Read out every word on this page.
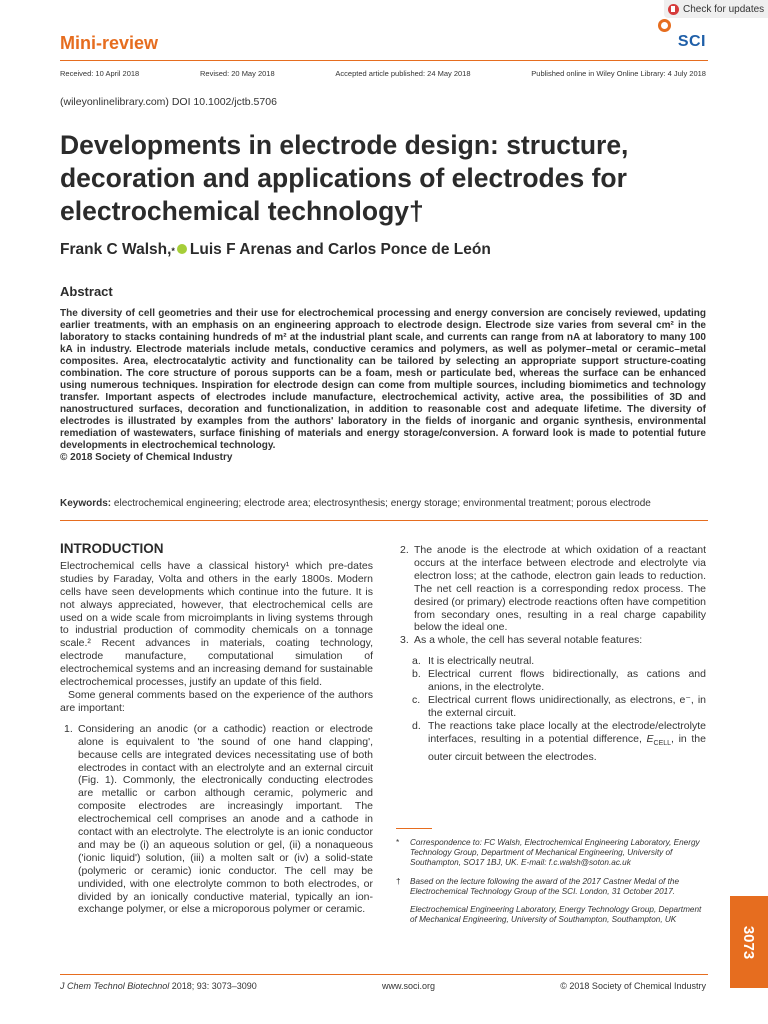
Check for updates
Mini-review	SCI
Received: 10 April 2018	Revised: 20 May 2018	Accepted article published: 24 May 2018	Published online in Wiley Online Library: 4 July 2018
(wileyonlinelibrary.com) DOI 10.1002/jctb.5706
Developments in electrode design: structure, decoration and applications of electrodes for electrochemical technology†
Frank C Walsh, * Luis F Arenas and Carlos Ponce de León
Abstract
The diversity of cell geometries and their use for electrochemical processing and energy conversion are concisely reviewed, updating earlier treatments, with an emphasis on an engineering approach to electrode design. Electrode size varies from several cm² in the laboratory to stacks containing hundreds of m² at the industrial plant scale, and currents can range from nA at laboratory to many 100 kA in industry. Electrode materials include metals, conductive ceramics and polymers, as well as polymer–metal or ceramic–metal composites. Area, electrocatalytic activity and functionality can be tailored by selecting an appropriate support structure-coating combination. The core structure of porous supports can be a foam, mesh or particulate bed, whereas the surface can be enhanced using numerous techniques. Inspiration for electrode design can come from multiple sources, including biomimetics and technology transfer. Important aspects of electrodes include manufacture, electrochemical activity, active area, the possibilities of 3D and nanostructured surfaces, decoration and functionalization, in addition to reasonable cost and adequate lifetime. The diversity of electrodes is illustrated by examples from the authors' laboratory in the fields of inorganic and organic synthesis, environmental remediation of wastewaters, surface finishing of materials and energy storage/conversion. A forward look is made to potential future developments in electrochemical technology.
© 2018 Society of Chemical Industry
Keywords: electrochemical engineering; electrode area; electrosynthesis; energy storage; environmental treatment; porous electrode
INTRODUCTION

Electrochemical cells have a classical history¹ which pre-dates studies by Faraday, Volta and others in the early 1800s. Modern cells have seen developments which continue into the future. It is not always appreciated, however, that electrochemical cells are used on a wide scale from microimplants in living systems through to industrial production of commodity chemicals on a tonnage scale.² Recent advances in materials, coating technology, electrode manufacture, computational simulation of electrochemical systems and an increasing demand for sustainable electrochemical processes, justify an update of this field.

Some general comments based on the experience of the authors are important:

1. Considering an anodic (or a cathodic) reaction or electrode alone is equivalent to 'the sound of one hand clapping', because cells are integrated devices necessitating use of both electrodes in contact with an electrolyte and an external circuit (Fig. 1). Commonly, the electronically conducting electrodes are metallic or carbon although ceramic, polymeric and composite electrodes are increasingly important. The electrochemical cell comprises an anode and a cathode in contact with an electrolyte. The electrolyte is an ionic conductor and may be (i) an aqueous solution or gel, (ii) a nonaqueous ('ionic liquid') solution, (iii) a molten salt or (iv) a solid-state (polymeric or ceramic) ionic conductor. The cell may be undivided, with one electrolyte common to both electrodes, or divided by an ionically conductive material, typically an ion-exchange polymer, or else a microporous polymer or ceramic.
2. The anode is the electrode at which oxidation of a reactant occurs at the interface between electrode and electrolyte via electron loss; at the cathode, electron gain leads to reduction. The net cell reaction is a corresponding redox process. The desired (or primary) electrode reactions often have competition from secondary ones, resulting in a real charge capability below the ideal one.
3. As a whole, the cell has several notable features:
a. It is electrically neutral.
b. Electrical current flows bidirectionally, as cations and anions, in the electrolyte.
c. Electrical current flows unidirectionally, as electrons, e⁻, in the external circuit.
d. The reactions take place locally at the electrode/electrolyte interfaces, resulting in a potential difference, $E_{CELL}$, in the outer circuit between the electrodes.
* Correspondence to: FC Walsh, Electrochemical Engineering Laboratory, Energy Technology Group, Department of Mechanical Engineering, University of Southampton, SO17 1BJ, UK. E-mail: f.c.walsh@soton.ac.uk
† Based on the lecture following the award of the 2017 Castner Medal of the Electrochemical Technology Group of the SCI. London, 31 October 2017.
Electrochemical Engineering Laboratory, Energy Technology Group, Department of Mechanical Engineering, University of Southampton, Southampton, UK
3073
J Chem Technol Biotechnol 2018; 93: 3073–3090	www.soci.org	© 2018 Society of Chemical Industry
